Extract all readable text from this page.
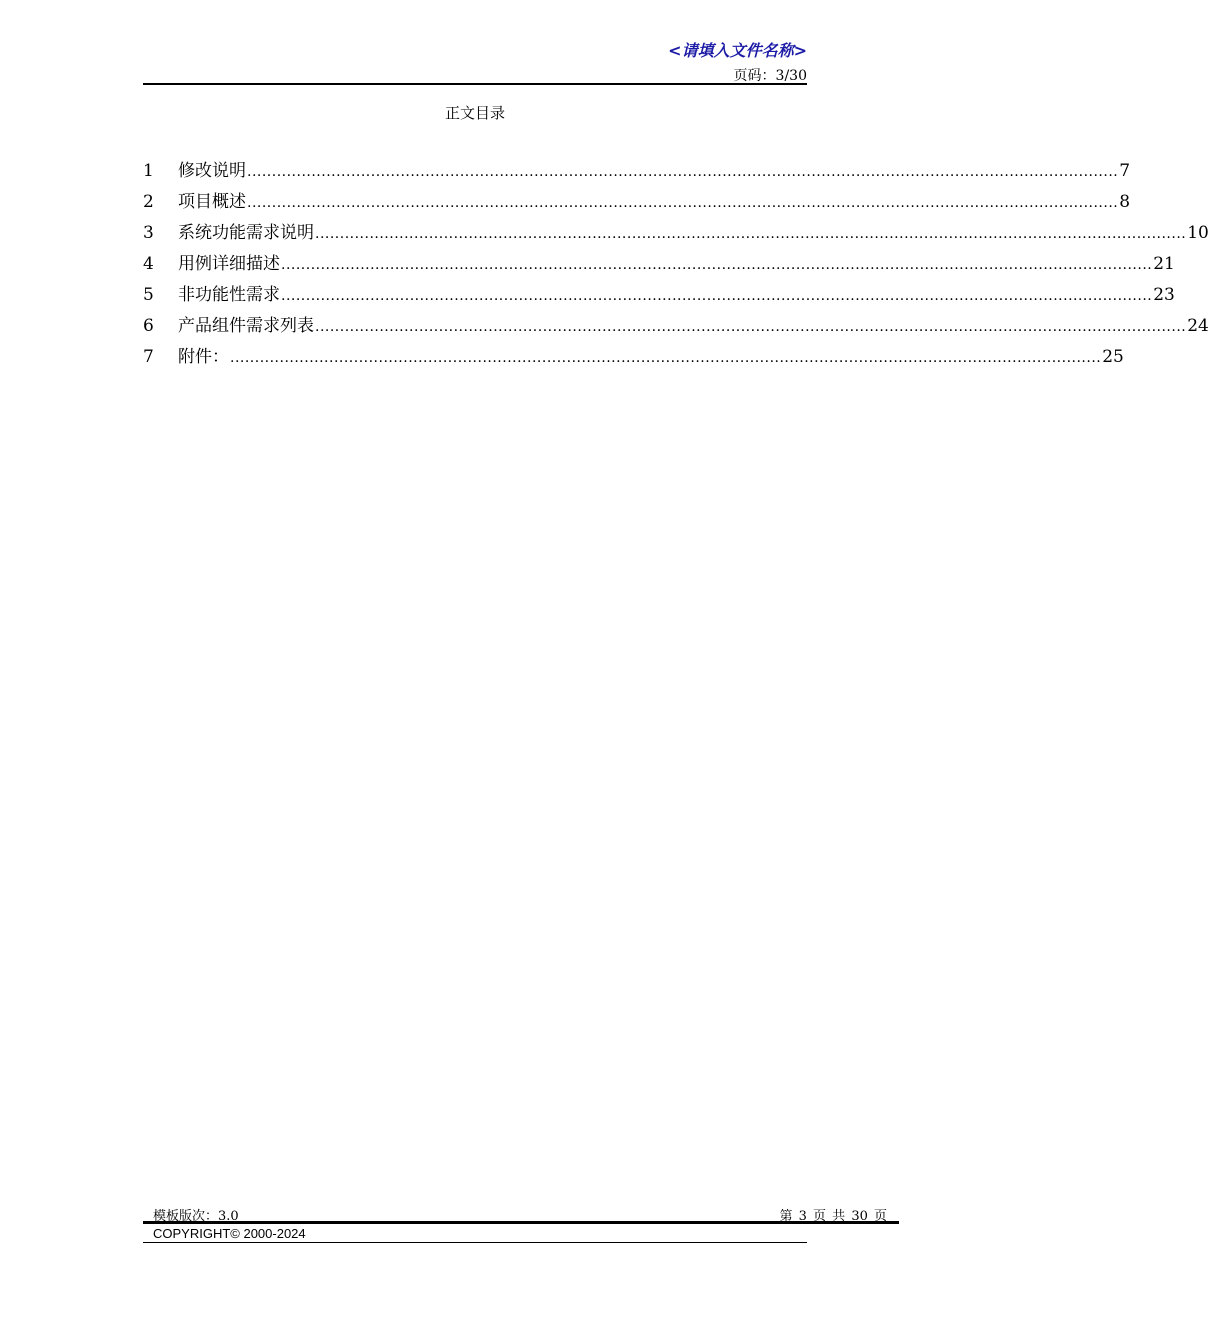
<请填入文件名称>
页码：3/30
正文目录
1	修改说明 ................................................................................................................................................................................ 7
2	项目概述 ................................................................................................................................................................................ 8
3	系统功能需求说明 ................................................................................................................................................................................ 10
4	用例详细描述 ................................................................................................................................................................................ 21
5	非功能性需求 ................................................................................................................................................................................ 23
6	产品组件需求列表 ................................................................................................................................................................................ 24
7	附件： ................................................................................................................................................................................ 25
模板版次：3.0	第 3 页 共 30 页
COPYRIGHT© 2000-2024
